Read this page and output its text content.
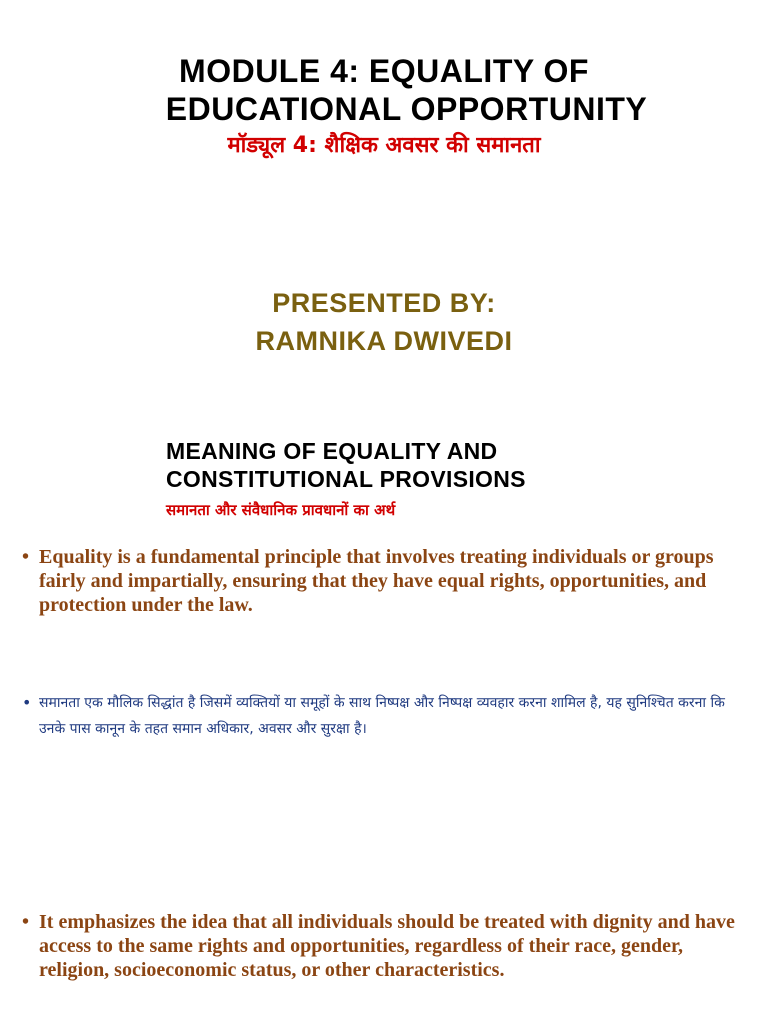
MODULE 4: EQUALITY OF
EDUCATIONAL OPPORTUNITY
मॉड्यूल 4: शैक्षिक अवसर की समानता
PRESENTED BY:
RAMNIKA DWIVEDI
MEANING OF EQUALITY AND
CONSTITUTIONAL PROVISIONS
समानता और संवैधानिक प्रावधानों का अर्थ
• Equality is a fundamental principle that involves treating individuals or groups fairly and impartially, ensuring that they have equal rights, opportunities, and protection under the law.
• समानता एक मौलिक सिद्धांत है जिसमें व्यक्तियों या समूहों के साथ निष्पक्ष और निष्पक्ष व्यवहार करना शामिल है, यह सुनिश्चित करना कि उनके पास कानून के तहत समान अधिकार, अवसर और सुरक्षा है।
• It emphasizes the idea that all individuals should be treated with dignity and have access to the same rights and opportunities, regardless of their race, gender, religion, socioeconomic status, or other characteristics.
